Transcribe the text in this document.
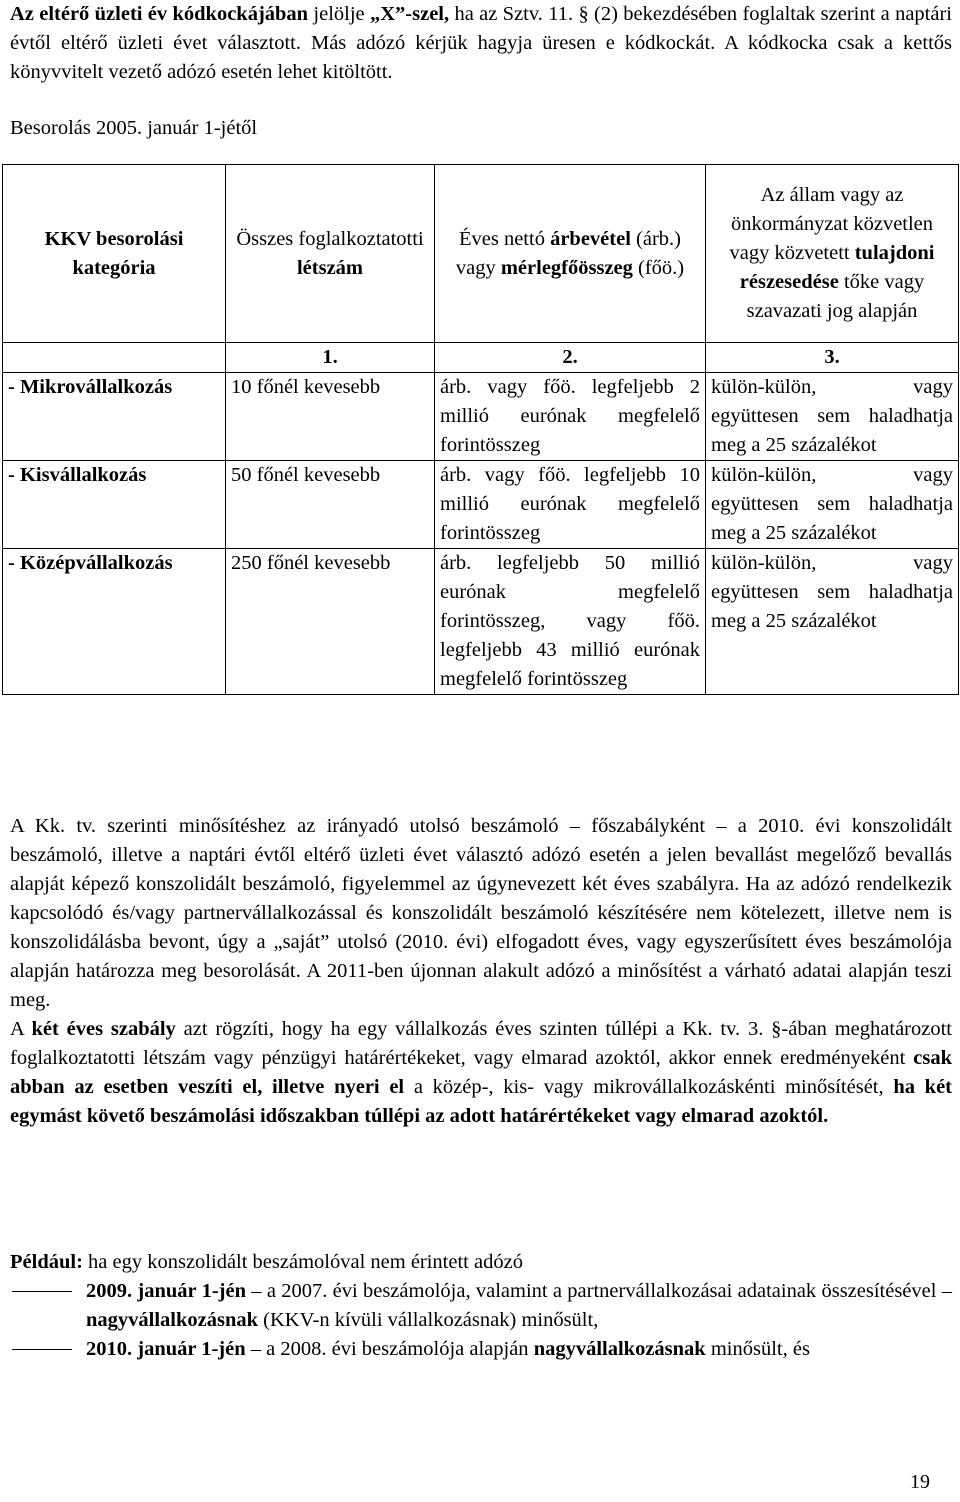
Az eltérő üzleti év kódkockájában jelölje „X”-szel, ha az Sztv. 11. § (2) bekezdésében foglaltak szerint a naptári évtől eltérő üzleti évet választott. Más adózó kérjük hagyja üresen e kódkockát. A kódkocka csak a kettős könyvvitelt vezető adózó esetén lehet kitöltött.

Besorolás 2005. január 1-jétől
KKV besorolási kategória	Összes foglalkoztatotti létszám	Éves nettó árbevétel (árb.) vagy mérlegfőösszeg (főö.)	Az állam vagy az önkormányzat közvetlen vagy közvetett tulajdoni részesedése tőke vagy szavazati jog alapján
	1.	2.	3.
- Mikrovállalkozás	10 főnél kevesebb	árb. vagy főö. legfeljebb 2 millió eurónak megfelelő forintösszeg	külön-külön, vagy együttesen sem haladhatja meg a 25 százalékot
- Kisvállalkozás	50 főnél kevesebb	árb. vagy főö. legfeljebb 10 millió eurónak megfelelő forintösszeg	külön-külön, vagy együttesen sem haladhatja meg a 25 százalékot
- Középvállalkozás	250 főnél kevesebb	árb. legfeljebb 50 millió eurónak megfelelő forintösszeg, vagy főö. legfeljebb 43 millió eurónak megfelelő forintösszeg	külön-külön, vagy együttesen sem haladhatja meg a 25 százalékot

A Kk. tv. szerinti minősítéshez az irányadó utolsó beszámoló – főszabályként – a 2010. évi konszolidált beszámoló, illetve a naptári évtől eltérő üzleti évet választó adózó esetén a jelen bevallást megelőző bevallás alapját képező konszolidált beszámoló, figyelemmel az úgynevezett két éves szabályra. Ha az adózó rendelkezik kapcsolódó és/vagy partnervállalkozással és konszolidált beszámoló készítésére nem kötelezett, illetve nem is konszolidálásba bevont, úgy a „saját” utolsó (2010. évi) elfogadott éves, vagy egyszerűsített éves beszámolója alapján határozza meg besorolását. A 2011-ben újonnan alakult adózó a minősítést a várható adatai alapján teszi meg.

A két éves szabály azt rögzíti, hogy ha egy vállalkozás éves szinten túllépi a Kk. tv. 3. §-ában meghatározott foglalkoztatotti létszám vagy pénzügyi határértékeket, vagy elmarad azoktól, akkor ennek eredményeként csak abban az esetben veszíti el, illetve nyeri el a közép-, kis- vagy mikrovállalkozáskénti minősítését, ha két egymást követő beszámolási időszakban túllépi az adott határértékeket vagy elmarad azoktól.

Például: ha egy konszolidált beszámolóval nem érintett adózó

2009. január 1-jén – a 2007. évi beszámolója, valamint a partnervállalkozásai adatainak összesítésével – nagyvállalkozásnak (KKV-n kívüli vállalkozásnak) minősült,
2010. január 1-jén – a 2008. évi beszámolója alapján nagyvállalkozásnak minősült, és
19
